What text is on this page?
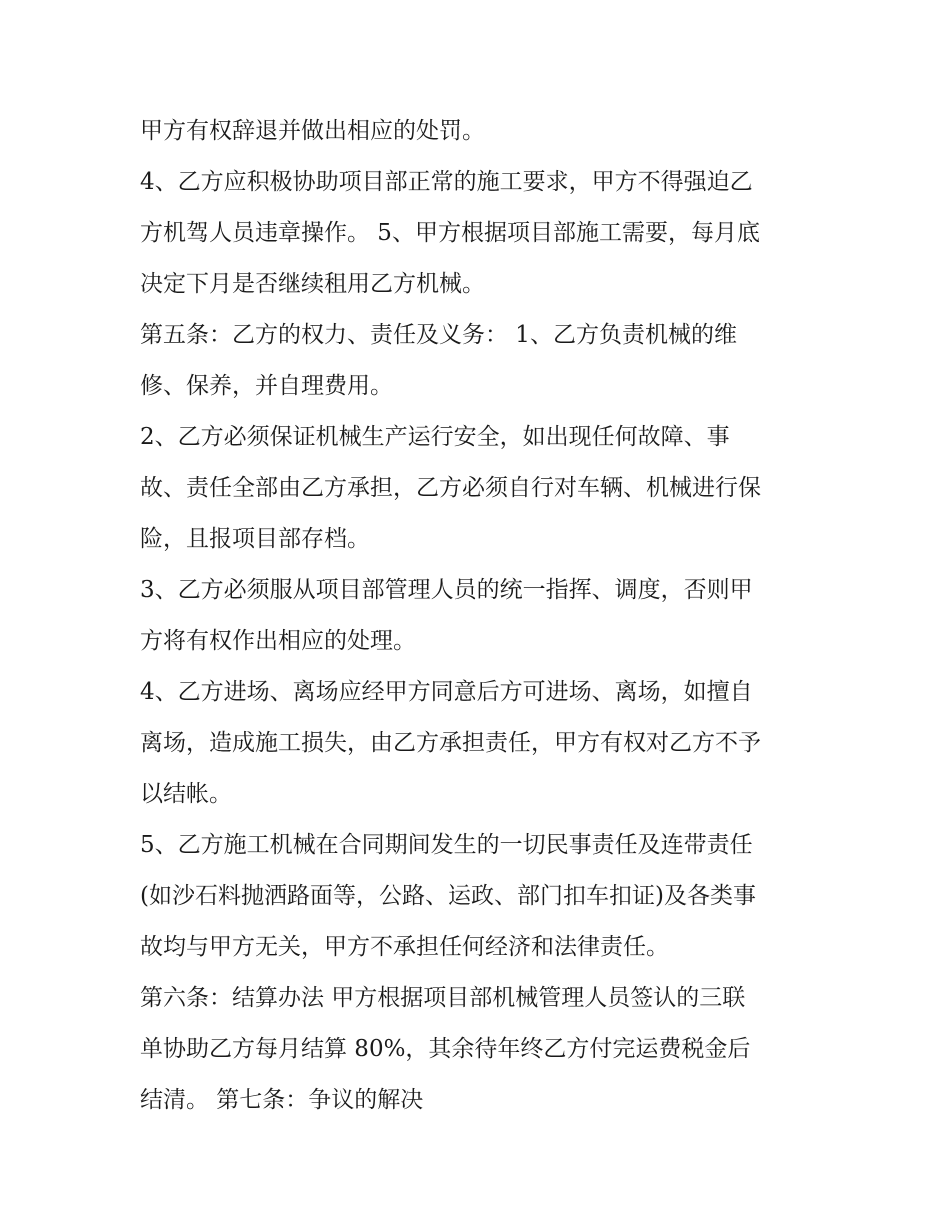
甲方有权辞退并做出相应的处罚。
4、乙方应积极协助项目部正常的施工要求，甲方不得强迫乙
方机驾人员违章操作。 5、甲方根据项目部施工需要，每月底
决定下月是否继续租用乙方机械。
第五条：乙方的权力、责任及义务： 1、乙方负责机械的维
修、保养，并自理费用。
2、乙方必须保证机械生产运行安全，如出现任何故障、事
故、责任全部由乙方承担，乙方必须自行对车辆、机械进行保
险，且报项目部存档。
3、乙方必须服从项目部管理人员的统一指挥、调度，否则甲
方将有权作出相应的处理。
4、乙方进场、离场应经甲方同意后方可进场、离场，如擅自
离场，造成施工损失，由乙方承担责任，甲方有权对乙方不予
以结帐。
5、乙方施工机械在合同期间发生的一切民事责任及连带责任
(如沙石料抛洒路面等，公路、运政、部门扣车扣证)及各类事
故均与甲方无关，甲方不承担任何经济和法律责任。
第六条：结算办法 甲方根据项目部机械管理人员签认的三联
单协助乙方每月结算 80%，其余待年终乙方付完运费税金后
结清。 第七条：争议的解决
